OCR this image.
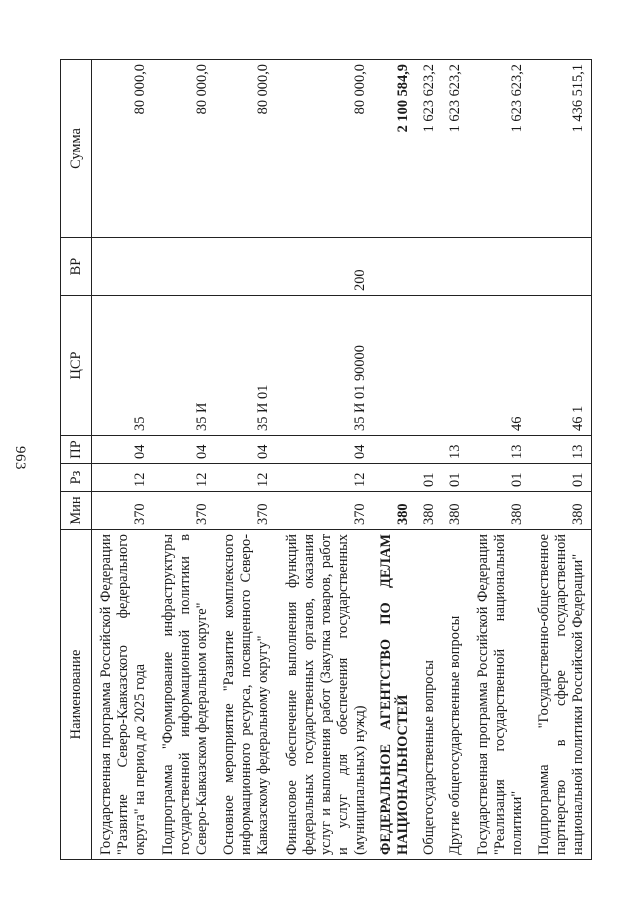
963
Наименование	Мин	Рз	ПР	ЦСР	ВР	Сумма
Государственная программа Российской Федерации "Развитие Северо-Кавказского федерального округа" на период до 2025 года	370	12	04	35		80 000,0
Подпрограмма "Формирование инфраструктуры государственной информационной политики в Северо-Кавказском федеральном округе"	370	12	04	35 И		80 000,0
Основное мероприятие "Развитие комплексного информационного ресурса, посвященного Северо-Кавказскому федеральному округу"	370	12	04	35 И 01		80 000,0
Финансовое обеспечение выполнения функций федеральных государственных органов, оказания услуг и выполнения работ (Закупка товаров, работ и услуг для обеспечения государственных (муниципальных) нужд)	370	12	04	35 И 01 90000	200	80 000,0
ФЕДЕРАЛЬНОЕ АГЕНТСТВО ПО ДЕЛАМ НАЦИОНАЛЬНОСТЕЙ	380					2 100 584,9
Общегосударственные вопросы	380	01				1 623 623,2
Другие общегосударственные вопросы	380	01	13			1 623 623,2
Государственная программа Российской Федерации "Реализация государственной национальной политики"	380	01	13	46		1 623 623,2
Подпрограмма "Государственно-общественное партнерство в сфере государственной национальной политики Российской Федерации"	380	01	13	46 1		1 436 515,1
